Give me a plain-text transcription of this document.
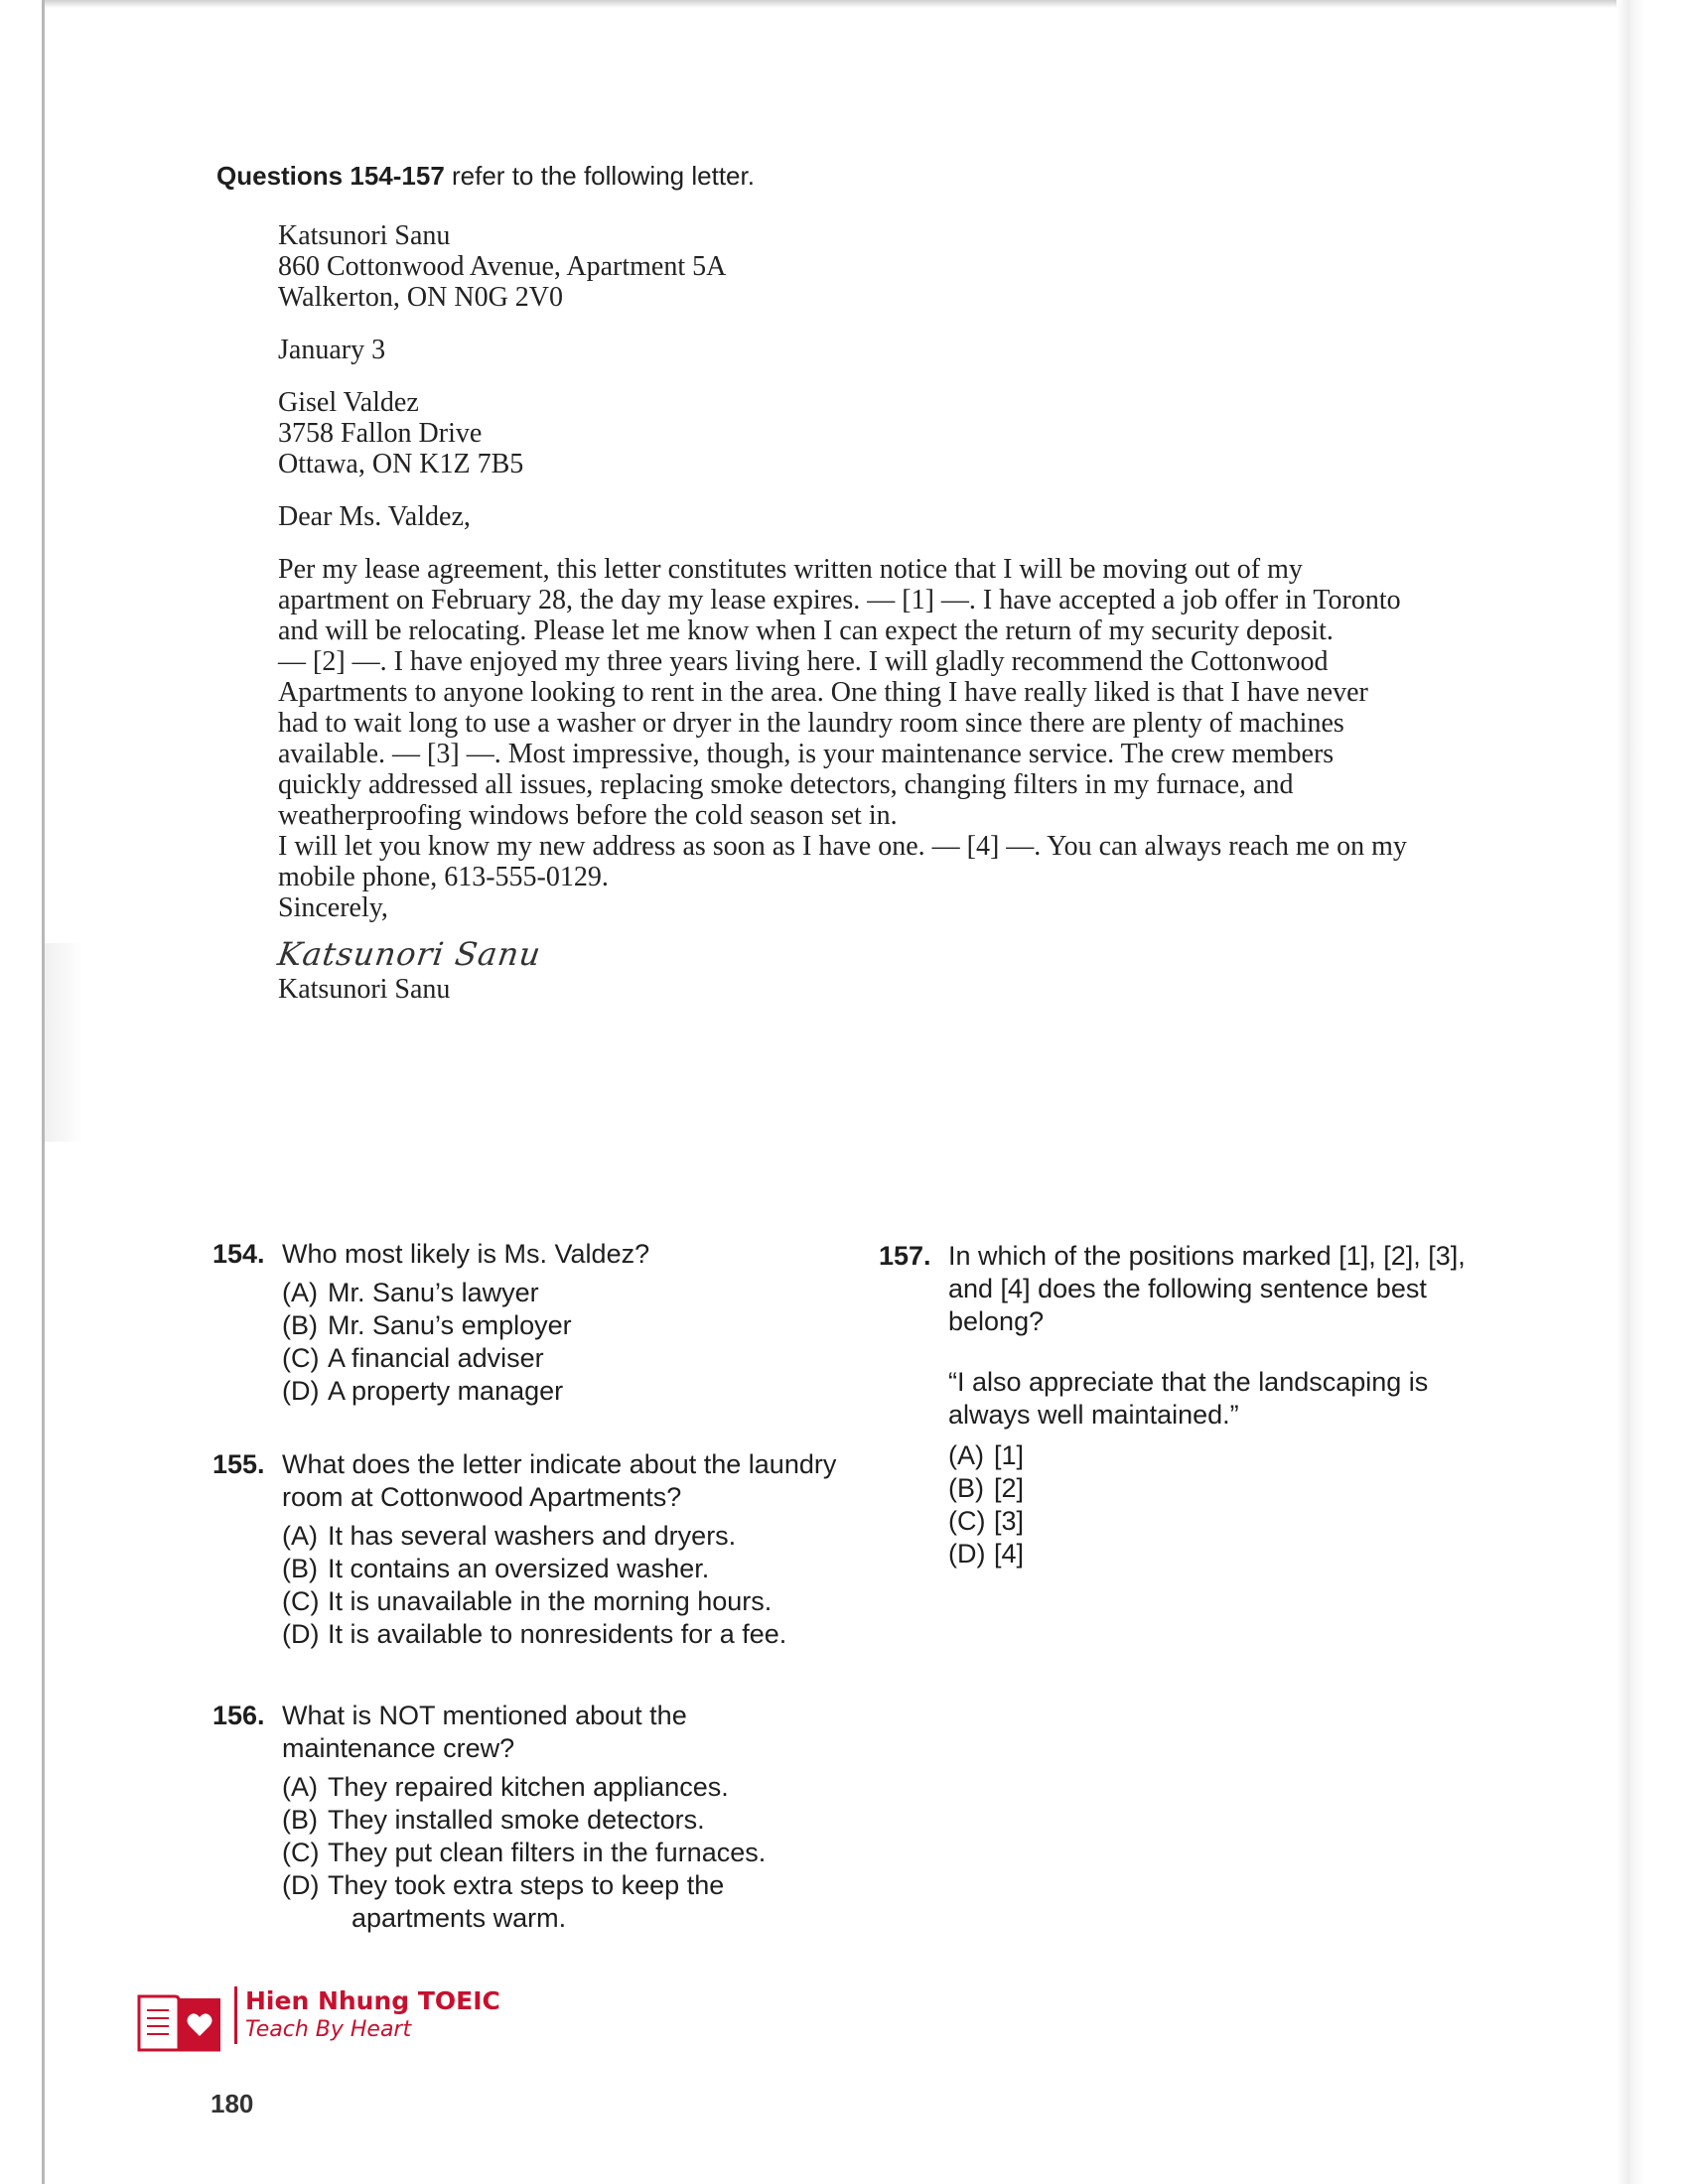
Questions 154-157 refer to the following letter.

Katsunori Sanu

860 Cottonwood Avenue, Apartment 5A

Walkerton, ON N0G 2V0

January 3

Gisel Valdez

3758 Fallon Drive

Ottawa, ON K1Z 7B5

Dear Ms. Valdez,

Per my lease agreement, this letter constitutes written notice that I will be moving out of my apartment on February 28, the day my lease expires. — [1] —. I have accepted a job offer in Toronto and will be relocating. Please let me know when I can expect the return of my security deposit.

— [2] —. I have enjoyed my three years living here. I will gladly recommend the Cottonwood Apartments to anyone looking to rent in the area. One thing I have really liked is that I have never had to wait long to use a washer or dryer in the laundry room since there are plenty of machines available. — [3] —. Most impressive, though, is your maintenance service. The crew members quickly addressed all issues, replacing smoke detectors, changing filters in my furnace, and weatherproofing windows before the cold season set in.

I will let you know my new address as soon as I have one. — [4] —. You can always reach me on my mobile phone, 613-555-0129.

Sincerely,

Katsunori Sanu

Katsunori Sanu

154. Who most likely is Ms. Valdez?

(A) Mr. Sanu’s lawyer
(B) Mr. Sanu’s employer
(C) A financial adviser
(D) A property manager
155. What does the letter indicate about the laundry room at Cottonwood Apartments?

(A) It has several washers and dryers.
(B) It contains an oversized washer.
(C) It is unavailable in the morning hours.
(D) It is available to nonresidents for a fee.
156. What is NOT mentioned about the maintenance crew?

(A) They repaired kitchen appliances.
(B) They installed smoke detectors.
(C) They put clean filters in the furnaces.
(D) They took extra steps to keep the
apartments warm.
157. In which of the positions marked [1], [2], [3], and [4] does the following sentence best belong?

“I also appreciate that the landscaping is always well maintained.”

(A) [1]
(B) [2]
(C) [3]
(D) [4]
Hien Nhung TOEIC
Teach By Heart
180
